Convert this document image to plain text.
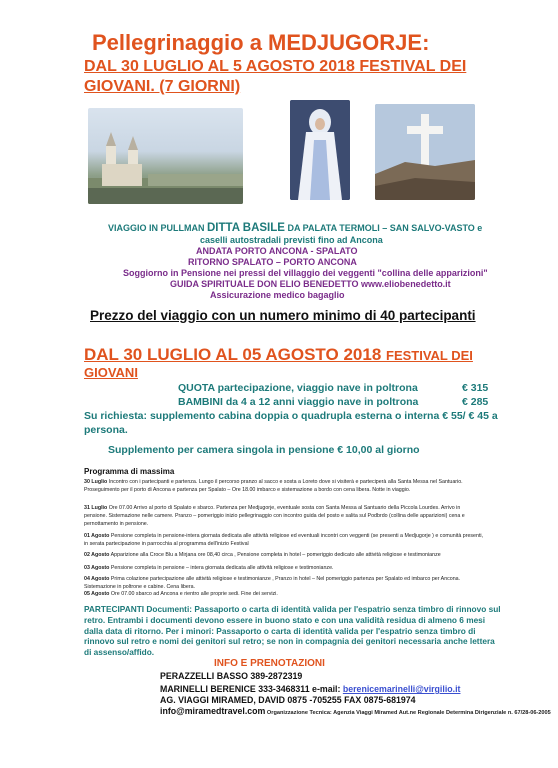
Pellegrinaggio a MEDJUGORJE:
DAL 30 LUGLIO AL 5 AGOSTO 2018 FESTIVAL DEI
GIOVANI. (7 GIORNI)
VIAGGIO IN PULLMAN DITTA BASILE DA PALATA TERMOLI – SAN SALVO-VASTO e
caselli autostradali previsti fino ad Ancona
ANDATA PORTO ANCONA - SPALATO
RITORNO SPALATO – PORTO ANCONA
Soggiorno in Pensione nei pressi del villaggio dei veggenti "collina delle apparizioni"
GUIDA SPIRITUALE DON ELIO BENEDETTO www.eliobenedetto.it
Assicurazione medico bagaglio
Prezzo del viaggio con un numero minimo di 40 partecipanti
DAL 30 LUGLIO AL 05 AGOSTO 2018 FESTIVAL DEI
GIOVANI
QUOTA partecipazione, viaggio nave in poltrona	€ 315
BAMBINI da 4 a 12 anni viaggio nave in poltrona	€ 285
Su richiesta: supplemento cabina doppia o quadrupla esterna o interna € 55/ € 45 a
persona.
Supplemento per camera singola in pensione € 10,00 al giorno
Programma di massima
30 Luglio Incontro con i partecipanti e partenza. Lungo il percorso pranzo al sacco e sosta a Loreto dove si visiterà e parteciperà alla Santa Messa nel Santuario. Proseguimento per il porto di Ancona e partenza per Spalato – Ore 18.00 imbarco e sistemazione a bordo con cena libera. Notte in viaggio.
31 Luglio Ore 07.00 Arrivo al porto di Spalato e sbarco. Partenza per Medjugorje, eventuale sosta con Santa Messa al Santuario della Piccola Lourdes. Arrivo in pensione. Sistemazione nelle camere. Pranzo – pomeriggio inizio pellegrinaggio con incontro guida del posto e salita sul Podbrdo (collina delle apparizioni) cena e pernottamento in pensione.
01 Agosto Pensione completa in pensione-intera giornata dedicata alle attività religiose ed eventuali incontri con veggenti (se presenti a Medjugorje ) e comunità presenti, in serata partecipazione in parrocchia al programma dell'inizio Festival
02 Agosto Apparizione alla Croce Blu a Mirjana ore 08,40 circa , Pensione completa in hotel – pomeriggio dedicato alle attività religiose e testimonianze
03 Agosto Pensione completa in pensione – intera giornata dedicata alle attività religiose e testimonianze.
04 Agosto Prima colazione partecipazione alle attività religiose e testimonianze , Pranzo in hotel – Nel pomeriggio partenza per Spalato ed imbarco per Ancona. Sistemazione in poltrone e cabine. Cena libera.
05 Agosto Ore 07.00 sbarco ad Ancona e rientro alle proprie sedi. Fine dei servizi.
PARTECIPANTI Documenti: Passaporto o carta di identità valida per l'espatrio senza timbro di rinnovo sul retro. Entrambi i documenti devono essere in buono stato e con una validità residua di almeno 6 mesi dalla data di ritorno. Per i minori: Passaporto o carta di identità valida per l'espatrio senza timbro di rinnovo sul retro e nomi dei genitori sul retro; se non in compagnia dei genitori necessaria anche lettera di assenso/affido.
INFO E PRENOTAZIONI
PERAZZELLI BASSO 389-2872319
MARINELLI BERENICE 333-3468311 e-mail: berenicemarinelli@virgilio.it
AG. VIAGGI MIRAMED, DAVID 0875 -705255 FAX 0875-681974
info@miramedtravel.com Organizzazione Tecnica: Agenzia Viaggi Miramed Aut.ne Regionale Determina Dirigenziale n. 67/28-06-2005
